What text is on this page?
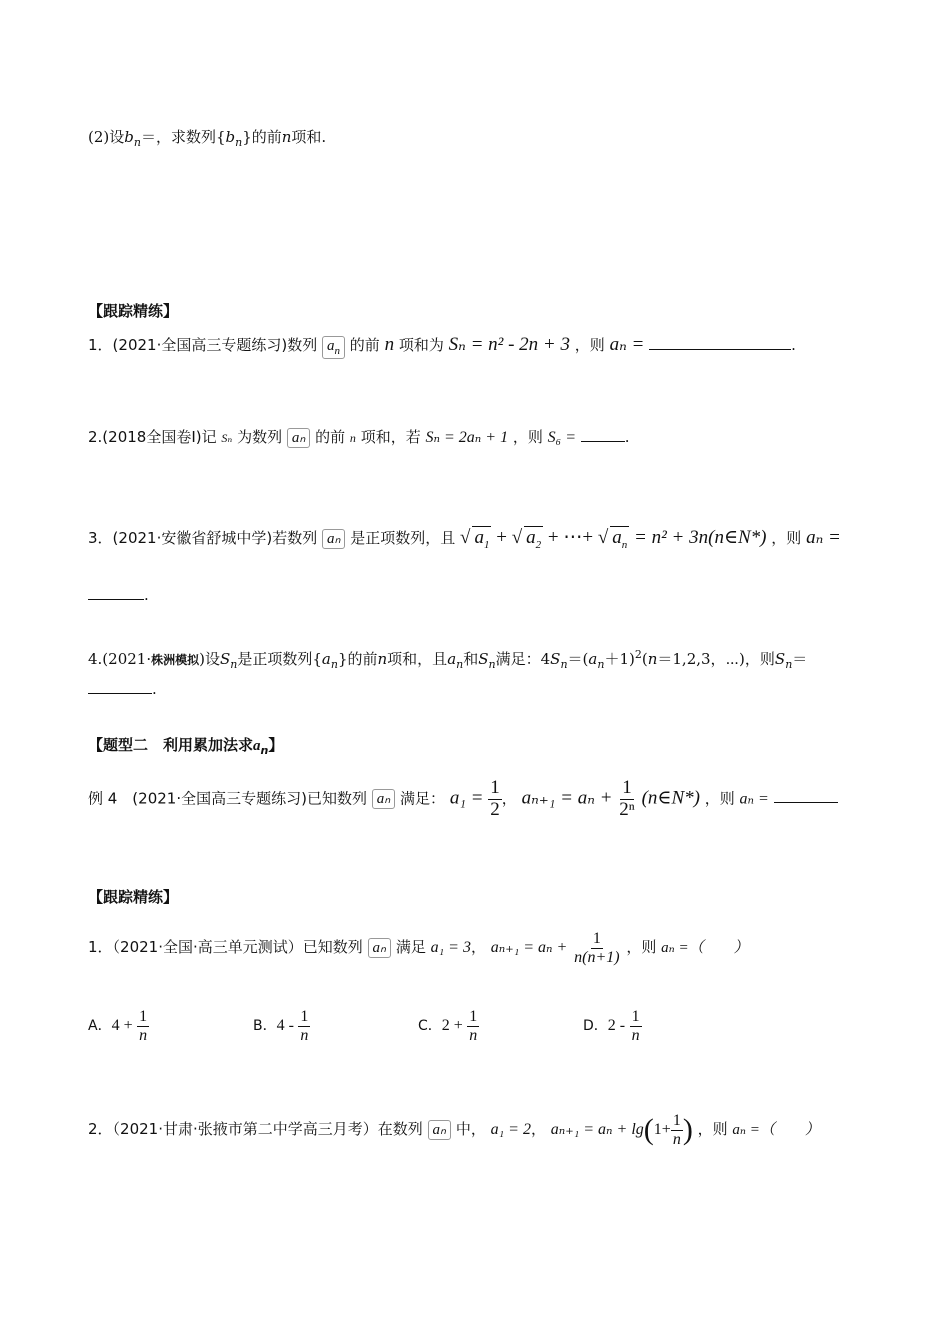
(2)设$b_n=$，求数列$\{b_n\}$的前n项和.
【跟踪精练】
1．(2021·全国高三专题练习)数列 $a_n$ 的前 n 项和为 Sₙ = n² - 2n + 3 ，则 aₙ =	.
2.(2018全国卷Ⅰ)记 Sₙ 为数列 aₙ 的前 n 项和，若 Sₙ = 2aₙ + 1 ，则 S₆ =	.
3．(2021·安徽省舒城中学)若数列 aₙ 是正项数列，且 √ $a_1$ + √ $a_2$ + ⋯+ √ $a_n = n^2$ + 3n(n∈N*) ，则 aₙ =
.
4.(2021·株洲模拟)设$S_n$是正项数列$\{a_n\}$的前n项和，且$a_n$和$S_n$满足：$4S_n=(a_n+1)^2(n=1,2,3$，⋯)，则$S_n=$
.
【题型二　利用累加法求$a_n$】
例 4　(2021·全国高三专题练习)已知数列 aₙ 满足： $a_1 = \frac{1}{2}$ ， $a_{n+1} = a_n + \frac{1}{\text{2ⁿ}}$ (n∈N*) ，则 aₙ =
【跟踪精练】
1．（2021·全国·高三单元测试）已知数列 aₙ 满足 a₁ = 3， $a_{n+1} = a_n + \frac{1}{n(n+1)}$ ，则 aₙ =（　　）
A．$4 + \frac{1}{n}$	B．$4 - \frac{1}{n}$	C．$2 + \frac{1}{n}$	D．$2 - \frac{1}{n}$
2．（2021·甘肃·张掖市第二中学高三月考）在数列 aₙ 中， a₁ = 2， $a_{n+1} = a_n + \lg(1+ \frac{1}{n}$ ) ，则 aₙ =（　　）
